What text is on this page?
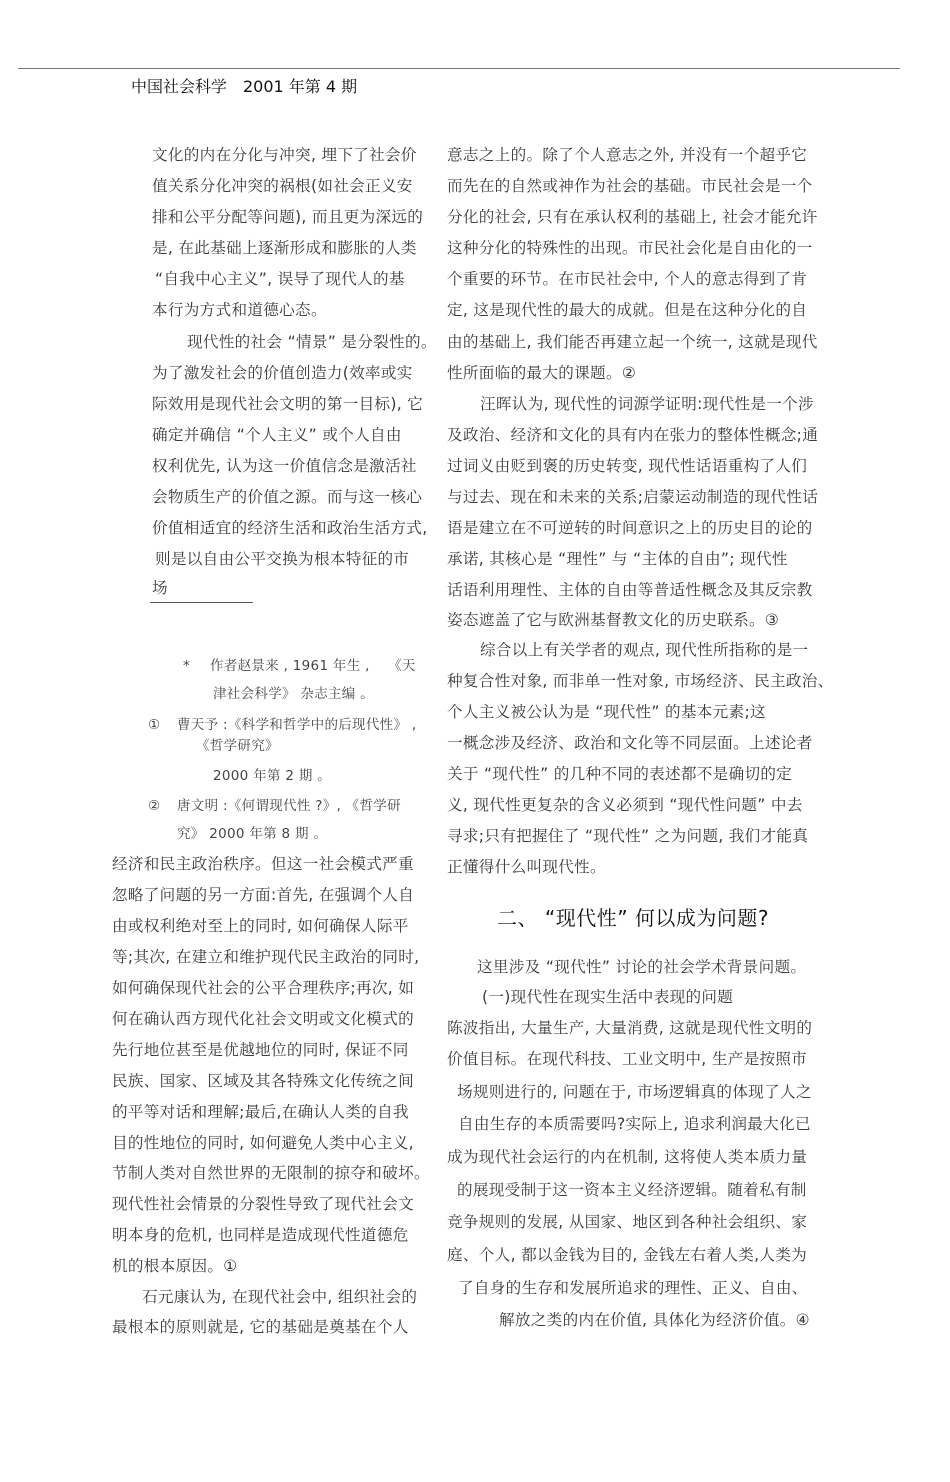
中国社会科学　2001 年第 4 期
文化的内在分化与冲突, 埋下了社会价
值关系分化冲突的祸根(如社会正义安
排和公平分配等问题), 而且更为深远的
是, 在此基础上逐渐形成和膨胀的人类
“自我中心主义”, 误导了现代人的基
本行为方式和道德心态。
现代性的社会 “情景” 是分裂性的。
为了激发社会的价值创造力(效率或实
际效用是现代社会文明的第一目标), 它
确定并确信 “个人主义” 或个人自由
权利优先, 认为这一价值信念是激活社
会物质生产的价值之源。而与这一核心
价值相适宜的经济生活和政治生活方式,
则是以自由公平交换为根本特征的市
场
* 作者赵景来 , 1961 年生 ,　 《天
津社会科学》 杂志主编 。
① 曹天予 :《科学和哲学中的后现代性》 ,
《哲学研究》
2000 年第 2 期 。
② 唐文明 :《何谓现代性 ?》, 《哲学研
究》 2000 年第 8 期 。
经济和民主政治秩序。但这一社会模式严重
忽略了问题的另一方面:首先, 在强调个人自
由或权利绝对至上的同时, 如何确保人际平
等;其次, 在建立和维护现代民主政治的同时,
如何确保现代社会的公平合理秩序;再次, 如
何在确认西方现代化社会文明或文化模式的
先行地位甚至是优越地位的同时, 保证不同
民族、国家、区域及其各特殊文化传统之间
的平等对话和理解;最后,在确认人类的自我
目的性地位的同时, 如何避免人类中心主义,
节制人类对自然世界的无限制的掠夺和破坏。
现代性社会情景的分裂性导致了现代社会文
明本身的危机, 也同样是造成现代性道德危
机的根本原因。①
石元康认为, 在现代社会中, 组织社会的
最根本的原则就是, 它的基础是奠基在个人
意志之上的。除了个人意志之外, 并没有一个超乎它
而先在的自然或神作为社会的基础。市民社会是一个
分化的社会, 只有在承认权利的基础上, 社会才能允许
这种分化的特殊性的出现。市民社会化是自由化的一
个重要的环节。在市民社会中, 个人的意志得到了肯
定, 这是现代性的最大的成就。但是在这种分化的自
由的基础上, 我们能否再建立起一个统一, 这就是现代
性所面临的最大的课题。②
汪晖认为, 现代性的词源学证明:现代性是一个涉
及政治、经济和文化的具有内在张力的整体性概念;通
过词义由贬到褒的历史转变, 现代性话语重构了人们
与过去、现在和未来的关系;启蒙运动制造的现代性话
语是建立在不可逆转的时间意识之上的历史目的论的
承诺, 其核心是 “理性” 与 “主体的自由”; 现代性
话语利用理性、主体的自由等普适性概念及其反宗教
姿态遮盖了它与欧洲基督教文化的历史联系。③
综合以上有关学者的观点, 现代性所指称的是一
种复合性对象, 而非单一性对象, 市场经济、民主政治、
个人主义被公认为是 “现代性” 的基本元素;这
一概念涉及经济、政治和文化等不同层面。上述论者
关于 “现代性” 的几种不同的表述都不是确切的定
义, 现代性更复杂的含义必须到 “现代性问题” 中去
寻求;只有把握住了 “现代性” 之为问题, 我们才能真
正懂得什么叫现代性。
二、 “现代性” 何以成为问题?
这里涉及 “现代性” 讨论的社会学术背景问题。
(一)现代性在现实生活中表现的问题
陈波指出, 大量生产, 大量消费, 这就是现代性文明的
价值目标。在现代科技、工业文明中, 生产是按照市
场规则进行的, 问题在于, 市场逻辑真的体现了人之
自由生存的本质需要吗?实际上, 追求利润最大化已
成为现代社会运行的内在机制, 这将使人类本质力量
的展现受制于这一资本主义经济逻辑。随着私有制
竞争规则的发展, 从国家、地区到各种社会组织、家
庭、个人, 都以金钱为目的, 金钱左右着人类,人类为
了自身的生存和发展所追求的理性、正义、自由、
解放之类的内在价值, 具体化为经济价值。④
